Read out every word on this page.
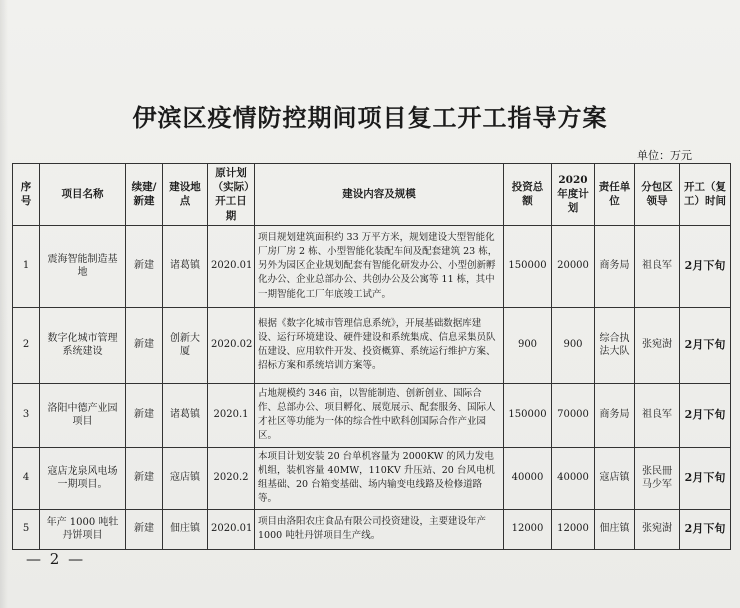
伊滨区疫情防控期间项目复工开工指导方案
单位：万元
序号	项目名称	续建/新建	建设地点	原计划（实际）开工日期	建设内容及规模	投资总额	2020 年度计划	责任单位	分包区领导	开工（复工）时间
1	震海智能制造基地	新建	诸葛镇	2020.01	项目规划建筑面积约 33 万平方米，规划建设大型智能化厂房厂房 2 栋、小型智能化装配车间及配套建筑 23 栋，另外为园区企业规划配套有智能化研发办公、小型创新孵化办公、企业总部办公、共创办公及公寓等 11 栋，其中一期智能化工厂年底竣工试产。	150000	20000	商务局	祖良军	2月下旬
2	数字化城市管理系统建设	新建	创新大厦	2020.02	根据《数字化城市管理信息系统》，开展基础数据库建设、运行环境建设、硬件建设和系统集成、信息采集员队伍建设、应用软件开发、投资概算、系统运行维护方案、招标方案和系统培训方案等。	900	900	综合执法大队	张宛澍	2月下旬
3	洛阳中德产业园项目	新建	诸葛镇	2020.1	占地规模约 346 亩，以智能制造、创新创业、国际合作、总部办公、项目孵化、展览展示、配套服务、国际人才社区等功能为一体的综合性中欧科创国际合作产业园区。	150000	70000	商务局	祖良军	2月下旬
4	寇店龙泉风电场一期项目。	新建	寇店镇	2020.2	本项目计划安装 20 台单机容量为 2000KW 的风力发电机组，装机容量 40MW，110KV 升压站、20 台风电机组基础、20 台箱变基础、场内输变电线路及检修道路等。	40000	40000	寇店镇	张民冊马少军	2月下旬
5	年产 1000 吨牡丹饼项目	新建	佃庄镇	2020.01	项目由洛阳农庄食品有限公司投资建设，主要建设年产1000 吨牡丹饼项目生产线。	12000	12000	佃庄镇	张宛澍	2月下旬
— 2 —
